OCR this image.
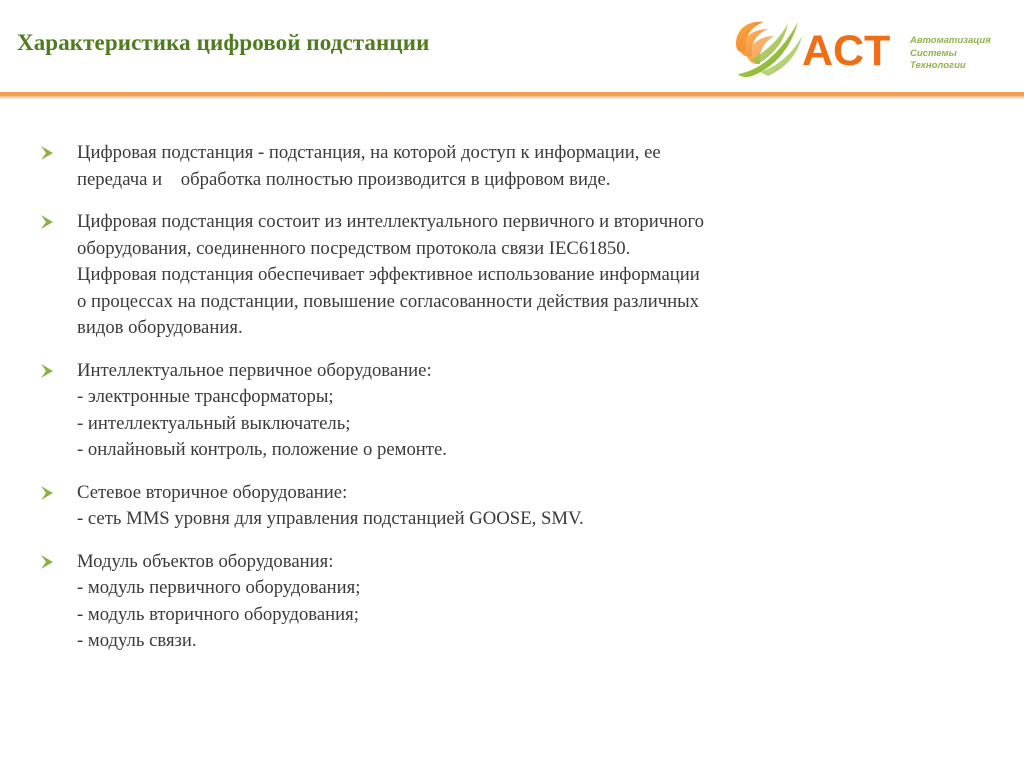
Характеристика цифровой подстанции	АСТ Автоматизация
Системы
Технологии
Цифровая подстанция - подстанция, на которой доступ к информации, ее
передача и    обработка полностью производится в цифровом виде.
Цифровая подстанция состоит из интеллектуального первичного и вторичного
оборудования, соединенного посредством протокола связи IEC61850.
Цифровая подстанция обеспечивает эффективное использование информации
о процессах на подстанции, повышение согласованности действия различных
видов оборудования.
Интеллектуальное первичное оборудование:
- электронные трансформаторы;
- интеллектуальный выключатель;
- онлайновый контроль, положение о ремонте.
Сетевое вторичное оборудование:
- сеть MMS уровня для управления подстанцией GOOSE, SMV.
Модуль объектов оборудования:
- модуль первичного оборудования;
- модуль вторичного оборудования;
- модуль связи.
